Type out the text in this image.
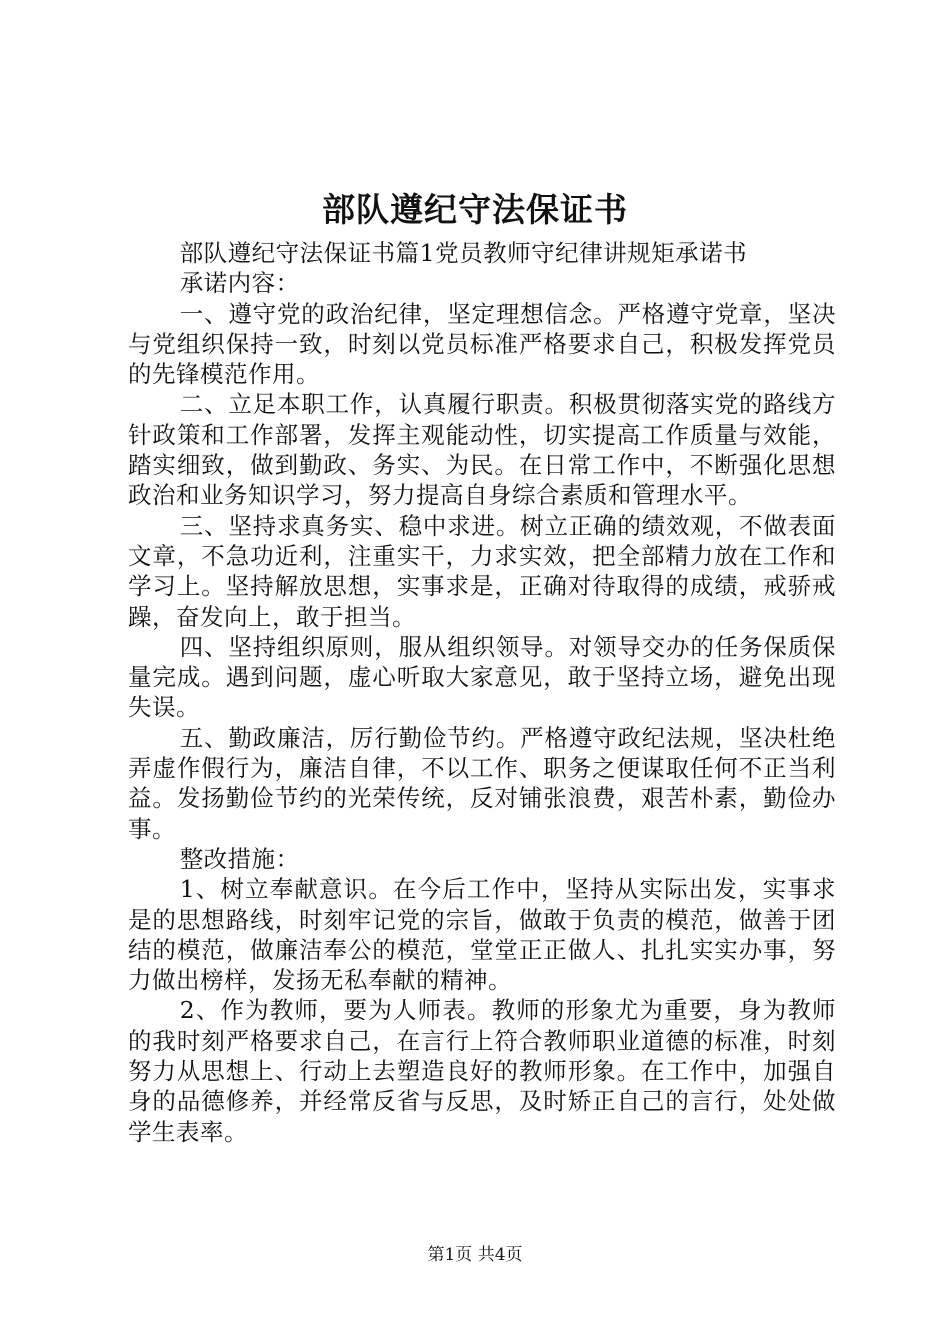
部队遵纪守法保证书

部队遵纪守法保证书篇1党员教师守纪律讲规矩承诺书

承诺内容：

一、遵守党的政治纪律，坚定理想信念。严格遵守党章，坚决与党组织保持一致，时刻以党员标准严格要求自己，积极发挥党员的先锋模范作用。

二、立足本职工作，认真履行职责。积极贯彻落实党的路线方针政策和工作部署，发挥主观能动性，切实提高工作质量与效能，踏实细致，做到勤政、务实、为民。在日常工作中，不断强化思想政治和业务知识学习，努力提高自身综合素质和管理水平。

三、坚持求真务实、稳中求进。树立正确的绩效观，不做表面文章，不急功近利，注重实干，力求实效，把全部精力放在工作和学习上。坚持解放思想，实事求是，正确对待取得的成绩，戒骄戒躁，奋发向上，敢于担当。

四、坚持组织原则，服从组织领导。对领导交办的任务保质保量完成。遇到问题，虚心听取大家意见，敢于坚持立场，避免出现失误。

五、勤政廉洁，厉行勤俭节约。严格遵守政纪法规，坚决杜绝弄虚作假行为，廉洁自律，不以工作、职务之便谋取任何不正当利益。发扬勤俭节约的光荣传统，反对铺张浪费，艰苦朴素，勤俭办事。

整改措施：

1、树立奉献意识。在今后工作中，坚持从实际出发，实事求是的思想路线，时刻牢记党的宗旨，做敢于负责的模范，做善于团结的模范，做廉洁奉公的模范，堂堂正正做人、扎扎实实办事，努力做出榜样，发扬无私奉献的精神。

2、作为教师，要为人师表。教师的形象尤为重要，身为教师的我时刻严格要求自己，在言行上符合教师职业道德的标准，时刻努力从思想上、行动上去塑造良好的教师形象。在工作中，加强自身的品德修养，并经常反省与反思，及时矫正自己的言行，处处做学生表率。

第1页 共4页
